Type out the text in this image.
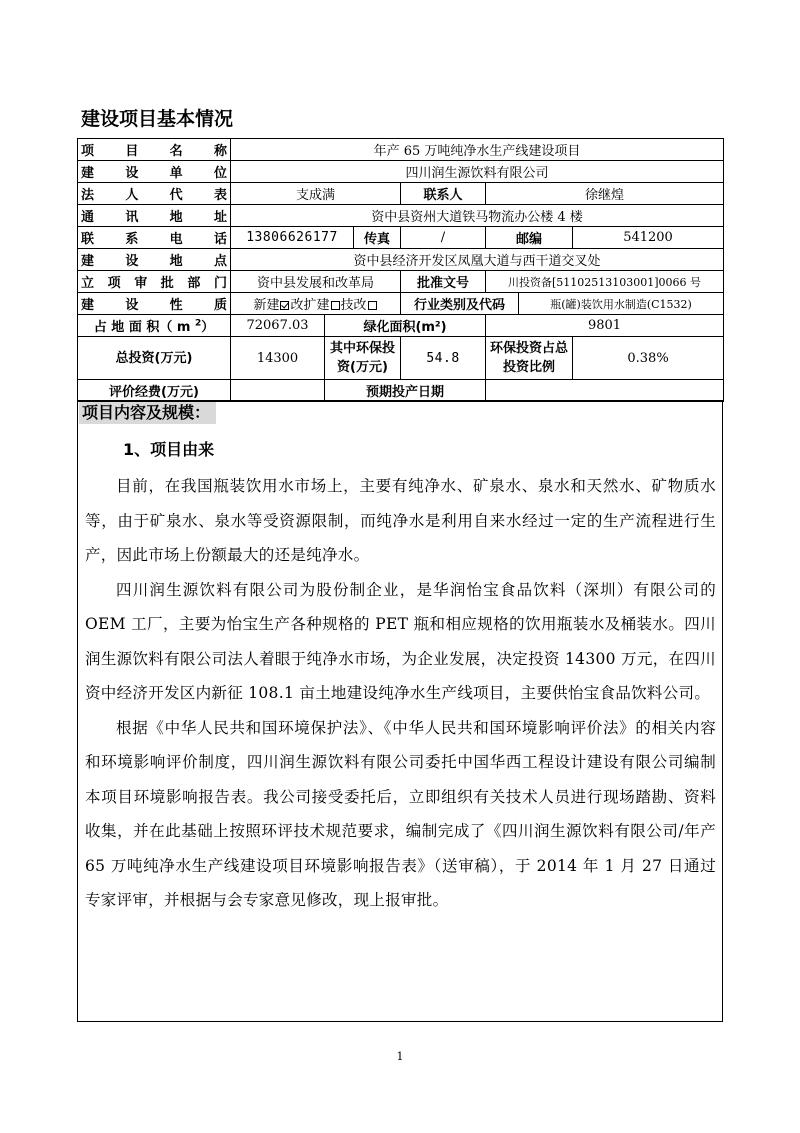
建设项目基本情况
项 目 名 称	年产 65 万吨纯净水生产线建设项目						
建 设 单 位	四川润生源饮料有限公司						
法 人 代 表	支成满			联系人	徐继煌		
通 讯 地 址	资中县资州大道铁马物流办公楼 4 楼						
联 系 电 话	13806626177		传真	/	邮编		541200
建 设 地 点	资中县经济开发区凤凰大道与西干道交叉处						
立 项 审 批 部 门	资中县发展和改革局			批准文号	川投资备[51102513103001]0066 号		
建 设 性 质	新建 改扩建 技改			行业类别及代码		瓶(罐)装饮用水制造(C1532)	
占 地 面 积（ m $^2$）	72067.03	绿化面积(m²)			9801		
总投资(万元)	14300	其中环保投资(万元)		54.8	环保投资占总投资比例		0.38%
评价经费(万元)		预期投产日期					
项目内容及规模：
1、项目由来

目前，在我国瓶装饮用水市场上，主要有纯净水、矿泉水、泉水和天然水、矿物质水等，由于矿泉水、泉水等受资源限制，而纯净水是利用自来水经过一定的生产流程进行生产，因此市场上份额最大的还是纯净水。

四川润生源饮料有限公司为股份制企业，是华润怡宝食品饮料（深圳）有限公司的 OEM 工厂，主要为怡宝生产各种规格的 PET 瓶和相应规格的饮用瓶装水及桶装水。四川润生源饮料有限公司法人着眼于纯净水市场，为企业发展，决定投资 14300 万元，在四川资中经济开发区内新征 108.1 亩土地建设纯净水生产线项目，主要供怡宝食品饮料公司。

根据《中华人民共和国环境保护法》、《中华人民共和国环境影响评价法》的相关内容和环境影响评价制度，四川润生源饮料有限公司委托中国华西工程设计建设有限公司编制本项目环境影响报告表。我公司接受委托后，立即组织有关技术人员进行现场踏勘、资料收集，并在此基础上按照环评技术规范要求，编制完成了《四川润生源饮料有限公司/年产 65 万吨纯净水生产线建设项目环境影响报告表》（送审稿），于 2014 年 1 月 27 日通过专家评审，并根据与会专家意见修改，现上报审批。

1
